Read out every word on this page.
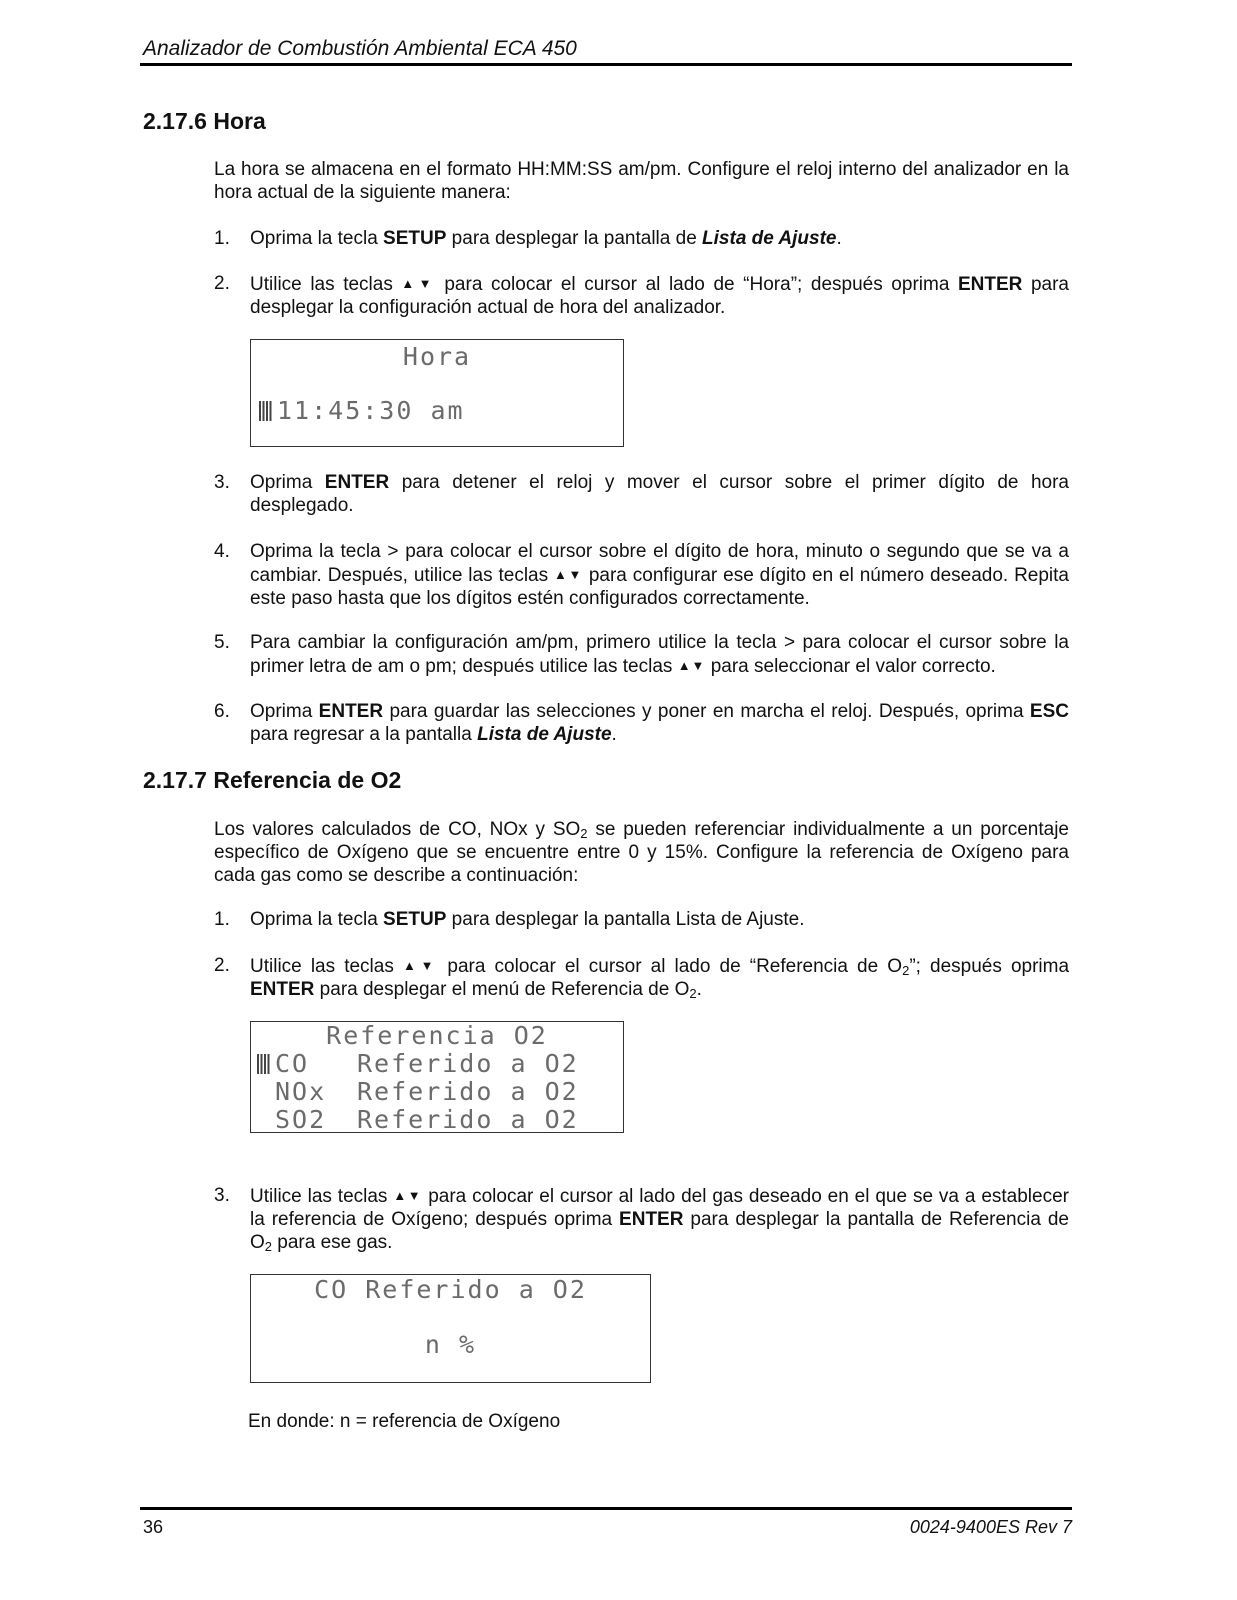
Analizador de Combustión Ambiental ECA 450
2.17.6 Hora
La hora se almacena en el formato HH:MM:SS am/pm. Configure el reloj interno del analizador en la hora actual de la siguiente manera:
1.	Oprima la tecla SETUP para desplegar la pantalla de Lista de Ajuste.
2.	Utilice las teclas ▲▼ para colocar el cursor al lado de “Hora”; después oprima ENTER para desplegar la configuración actual de hora del analizador.
Hora
11:45:30 am
3.	Oprima ENTER para detener el reloj y mover el cursor sobre el primer dígito de hora desplegado.
4.	Oprima la tecla > para colocar el cursor sobre el dígito de hora, minuto o segundo que se va a cambiar. Después, utilice las teclas ▲▼ para configurar ese dígito en el número deseado. Repita este paso hasta que los dígitos estén configurados correctamente.
5.	Para cambiar la configuración am/pm, primero utilice la tecla > para colocar el cursor sobre la primer letra de am o pm; después utilice las teclas ▲▼ para seleccionar el valor correcto.
6.	Oprima ENTER para guardar las selecciones y poner en marcha el reloj. Después, oprima ESC para regresar a la pantalla Lista de Ajuste.
2.17.7 Referencia de O2
Los valores calculados de CO, NOx y $SO_2$ se pueden referenciar individualmente a un porcentaje específico de Oxígeno que se encuentre entre 0 y 15%. Configure la referencia de Oxígeno para cada gas como se describe a continuación:
1.	Oprima la tecla SETUP para desplegar la pantalla Lista de Ajuste.
2.	Utilice las teclas ▲▼ para colocar el cursor al lado de “Referencia de $O_2$”; después oprima ENTER para desplegar el menú de Referencia de $O_2$.
Referencia O2
CO Referido a O2
NOx Referido a O2
SO2 Referido a O2
3.	Utilice las teclas ▲▼ para colocar el cursor al lado del gas deseado en el que se va a establecer la referencia de Oxígeno; después oprima ENTER para desplegar la pantalla de Referencia de $O_2$ para ese gas.
CO Referido a O2
n %
En donde: n = referencia de Oxígeno
36	0024-9400ES Rev 7
